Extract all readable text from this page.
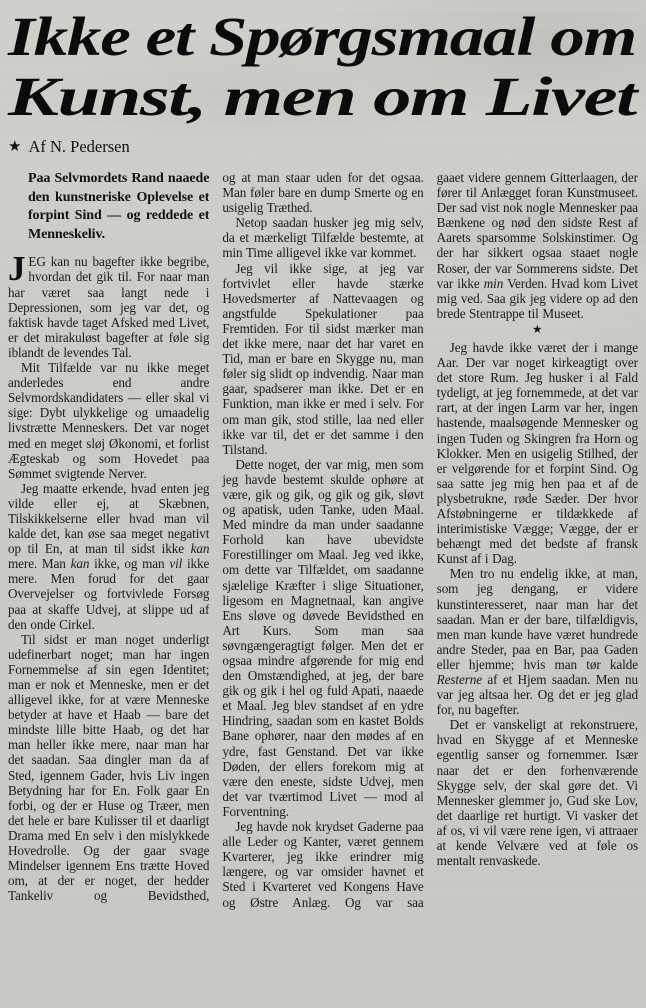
Ikke et Spørgsmaal om
Kunst, men om Livet
★ Af N. Pedersen

Paa Selvmordets Rand naaede den kunstneriske Oplevelse et forpint Sind — og reddede et Menneskeliv.

JEG kan nu bagefter ikke begribe, hvordan det gik til. For naar man har været saa langt nede i Depressionen, som jeg var det, og faktisk havde taget Afsked med Livet, er det mirakuløst bagefter at føle sig iblandt de levendes Tal.

Mit Tilfælde var nu ikke meget anderledes end andre Selvmordskandidaters — eller skal vi sige: Dybt ulykkelige og umaadelig livstrætte Menneskers. Det var noget med en meget sløj Økonomi, et forlist Ægteskab og som Hovedet paa Sømmet svigtende Nerver.

Jeg maatte erkende, hvad enten jeg vilde eller ej, at Skæbnen, Tilskikkelserne eller hvad man vil kalde det, kan øse saa meget negativt op til En, at man til sidst ikke kan mere. Man kan ikke, og man vil ikke mere. Men forud for det gaar Overvejelser og fortvivlede Forsøg paa at skaffe Udvej, at slippe ud af den onde Cirkel.

Til sidst er man noget underligt udefinerbart noget; man har ingen Fornemmelse af sin egen Identitet; man er nok et Menneske, men er det alligevel ikke, for at være Menneske betyder at have et Haab — bare det mindste lille bitte Haab, og det har man heller ikke mere, naar man har det saadan. Saa dingler man da af Sted, igennem Gader, hvis Liv ingen Betydning har for En. Folk gaar En forbi, og der er Huse og Træer, men det hele er bare Kulisser til et daarligt Drama med En selv i den mislykkede Hovedrolle. Og der gaar svage Mindelser igennem Ens trætte Hoved om, at der er noget, der hedder Tankeliv og Bevidsthed,

og at man staar uden for det ogsaa. Man føler bare en dump Smerte og en usigelig Træthed.

Netop saadan husker jeg mig selv, da et mærkeligt Tilfælde bestemte, at min Time alligevel ikke var kommet.

Jeg vil ikke sige, at jeg var fortvivlet eller havde stærke Hovedsmerter af Nattevaagen og angstfulde Spekulationer paa Fremtiden. For til sidst mærker man det ikke mere, naar det har varet en Tid, man er bare en Skygge nu, man føler sig slidt op indvendig. Naar man gaar, spadserer man ikke. Det er en Funktion, man ikke er med i selv. For om man gik, stod stille, laa ned eller ikke var til, det er det samme i den Tilstand.

Dette noget, der var mig, men som jeg havde bestemt skulde ophøre at være, gik og gik, og gik og gik, sløvt og apatisk, uden Tanke, uden Maal. Med mindre da man under saadanne Forhold kan have ubevidste Forestillinger om Maal. Jeg ved ikke, om dette var Tilfældet, om saadanne sjælelige Kræfter i slige Situationer, ligesom en Magnetnaal, kan angive Ens sløve og døvede Bevidsthed en Art Kurs. Som man saa søvngængeragtigt følger. Men det er ogsaa mindre afgørende for mig end den Omstændighed, at jeg, der bare gik og gik i hel og fuld Apati, naaede et Maal. Jeg blev standset af en ydre Hindring, saadan som en kastet Bolds Bane ophører, naar den mødes af en ydre, fast Genstand. Det var ikke Døden, der ellers forekom mig at være den eneste, sidste Udvej, men det var tværtimod Livet — mod al Forventning.

Jeg havde nok krydset Gaderne paa alle Leder og Kanter, været gennem Kvarterer, jeg ikke erindrer mig længere, og var omsider havnet et Sted i Kvarteret ved Kongens Have og Østre Anlæg. Og var saa

gaaet videre gennem Gitterlaagen, der fører til Anlægget foran Kunstmuseet. Der sad vist nok nogle Mennesker paa Bænkene og nød den sidste Rest af Aarets sparsomme Solskinstimer. Og der har sikkert ogsaa staaet nogle Roser, der var Sommerens sidste. Det var ikke min Verden. Hvad kom Livet mig ved. Saa gik jeg videre op ad den brede Stentrappe til Museet.

★

Jeg havde ikke været der i mange Aar. Der var noget kirkeagtigt over det store Rum. Jeg husker i al Fald tydeligt, at jeg fornemmede, at det var rart, at der ingen Larm var her, ingen hastende, maalsøgende Mennesker og ingen Tuden og Skingren fra Horn og Klokker. Men en usigelig Stilhed, der er velgørende for et forpint Sind. Og saa satte jeg mig hen paa et af de plysbetrukne, røde Sæder. Der hvor Afstøbningerne er tildækkede af interimistiske Vægge; Vægge, der er behængt med det bedste af fransk Kunst af i Dag.

Men tro nu endelig ikke, at man, som jeg dengang, er videre kunstinteresseret, naar man har det saadan. Man er der bare, tilfældigvis, men man kunde have været hundrede andre Steder, paa en Bar, paa Gaden eller hjemme; hvis man tør kalde Resterne af et Hjem saadan. Men nu var jeg altsaa her. Og det er jeg glad for, nu bagefter.

Det er vanskeligt at rekonstruere, hvad en Skygge af et Menneske egentlig sanser og fornemmer. Især naar det er den forhenværende Skygge selv, der skal gøre det. Vi Mennesker glemmer jo, Gud ske Lov, det daarlige ret hurtigt. Vi vasker det af os, vi vil være rene igen, vi attraaer at kende Velvære ved at føle os mentalt renvaskede.
